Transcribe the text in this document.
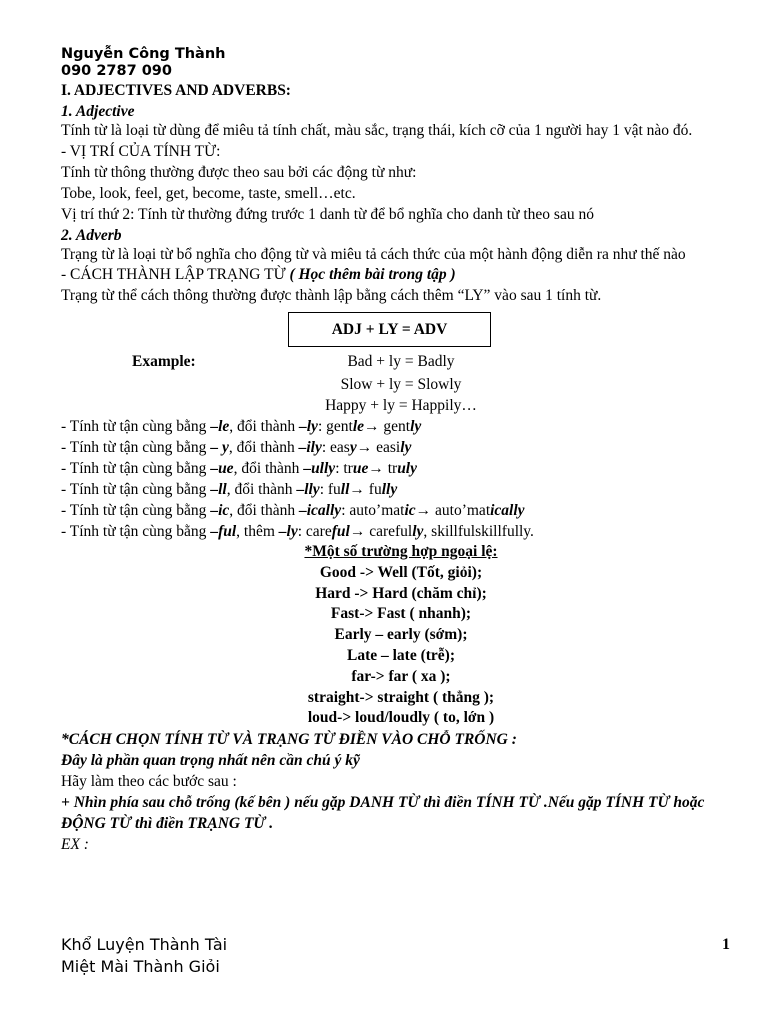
Nguyễn Công Thành
090 2787 090

I. ADJECTIVES AND ADVERBS:

1. Adjective

Tính từ là loại từ dùng để miêu tả tính chất, màu sắc, trạng thái, kích cỡ của 1 người hay 1 vật nào đó.

- VỊ TRÍ CỦA TÍNH TỪ:

Tính từ thông thường được theo sau bởi các động từ như:

Tobe, look, feel, get, become, taste, smell…etc.

Vị trí thứ 2: Tính từ thường đứng trước 1 danh từ để bổ nghĩa cho danh từ theo sau nó

2. Adverb

Trạng từ là loại từ bổ nghĩa cho động từ và miêu tả cách thức của một hành động diễn ra như thế nào

- CÁCH THÀNH LẬP TRẠNG TỪ ( Học thêm bài trong tập )

Trạng từ thể cách thông thường được thành lập bằng cách thêm “LY” vào sau 1 tính từ.

ADJ + LY = ADV
Example:	Bad + ly = Badly

Slow + ly = Slowly

Happy + ly = Happily…

- Tính từ tận cùng bằng –le, đổi thành –ly: gentle→ gently

- Tính từ tận cùng bằng – y, đổi thành –ily: easy→ easily

- Tính từ tận cùng bằng –ue, đổi thành –ully: true→ truly

- Tính từ tận cùng bằng –ll, đổi thành –lly: full→ fully

- Tính từ tận cùng bằng –ic, đổi thành –ically: auto’matic→ auto’matically

- Tính từ tận cùng bằng –ful, thêm –ly: careful→ carefully, skillfulskillfully.

*Một số trường hợp ngoại lệ:

Good -> Well (Tốt, giỏi);
Hard -> Hard (chăm chỉ);
Fast-> Fast ( nhanh);
Early – early (sớm);
Late – late (trễ);
far-> far ( xa );
straight-> straight ( thẳng );
loud-> loud/loudly ( to, lớn )

*CÁCH CHỌN TÍNH TỪ VÀ TRẠNG TỪ ĐIỀN VÀO CHỖ TRỐNG :

Đây là phần quan trọng nhất nên cần chú ý kỹ

Hãy làm theo các bước sau :

+ Nhìn phía sau chỗ trống (kế bên ) nếu gặp DANH TỪ thì điền TÍNH TỪ .Nếu gặp TÍNH TỪ hoặc ĐỘNG TỪ thì điền TRẠNG TỪ .

EX :

Khổ Luyện Thành Tài
Miệt Mài Thành Giỏi
1
